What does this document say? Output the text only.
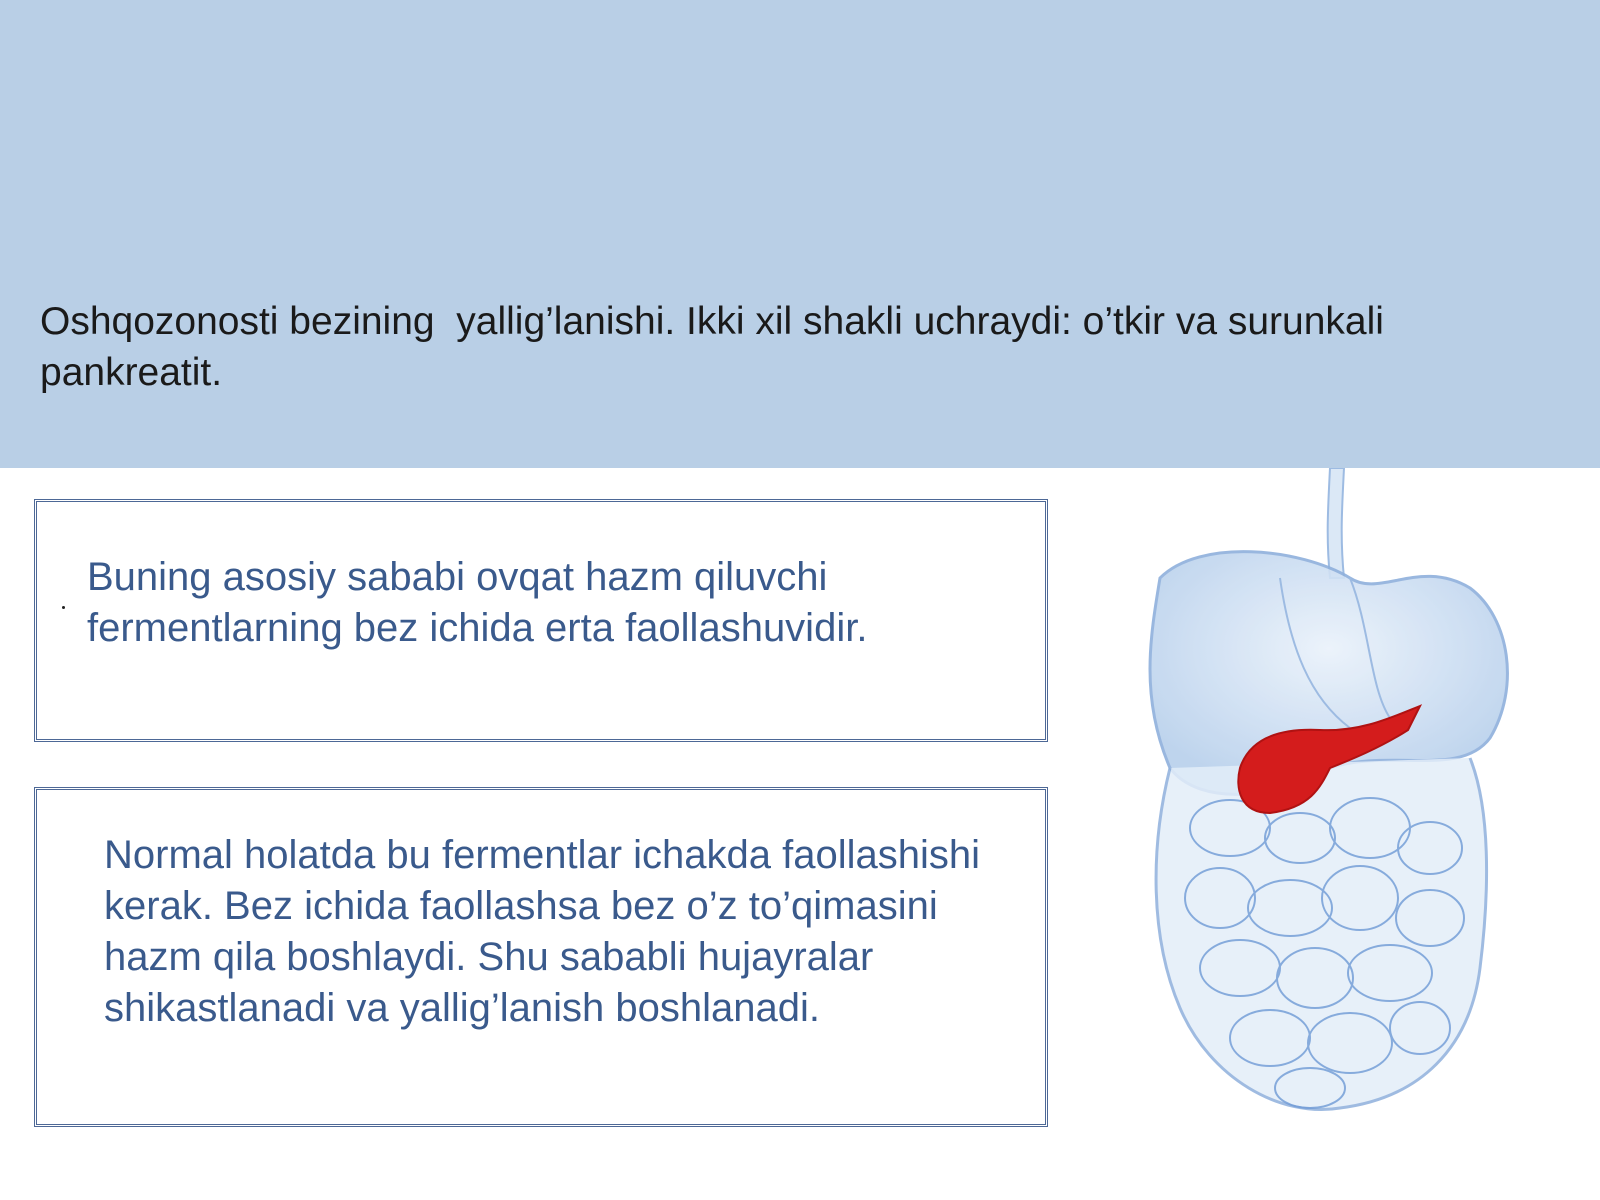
Oshqozonosti bezining  yallig’lanishi. Ikki xil shakli uchraydi: o’tkir va surunkali pankreatit.
Buning asosiy sababi ovqat hazm qiluvchi fermentlarning bez ichida erta faollashuvidir.
Normal holatda bu fermentlar ichakda faollashishi kerak. Bez ichida faollashsa bez o’z to’qimasini hazm qila boshlaydi. Shu sababli hujayralar shikastlanadi va yallig’lanish boshlanadi.
